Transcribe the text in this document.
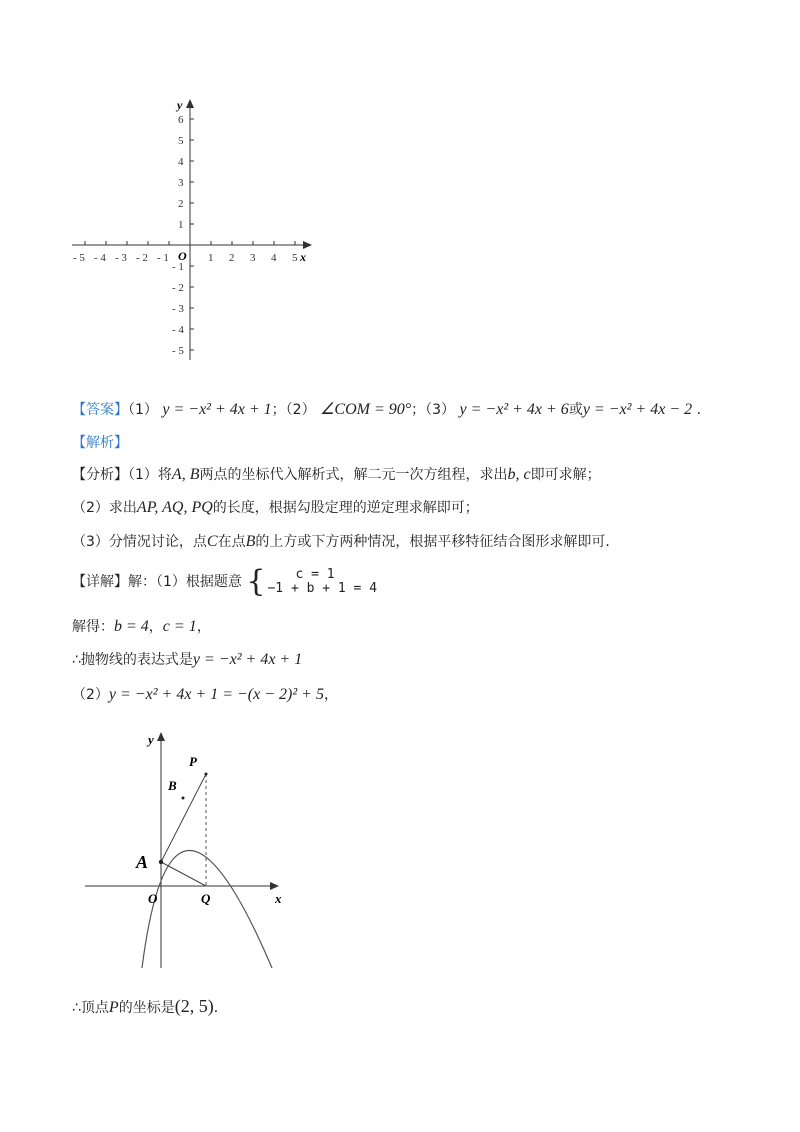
- 5 - 4 - 3 - 2 - 1	1 2 3 4 5
1
2
3
4
5
6
- 1
- 2
- 3
- 4
- 5
x
y
O
【答案】（1） y = −x² + 4x + 1；（2） ∠COM = 90°；（3） y = −x² + 4x + 6或y = −x² + 4x − 2 ．
【解析】
【分析】（1）将A, B两点的坐标代入解析式，解二元一次方组程，求出b, c即可求解；
（2）求出AP, AQ, PQ的长度，根据勾股定理的逆定理求解即可；
（3）分情况讨论，点C在点B的上方或下方两种情况，根据平移特征结合图形求解即可．
【详解】解：（1）根据题意 {	c = 1
−1 + b + 1 = 4
解得：b = 4，c = 1，
∴抛物线的表达式是y = −x² + 4x + 1
（2）y = −x² + 4x + 1 = −(x − 2)² + 5，
y
x
P
B
A
O	Q
∴顶点P的坐标是(2, 5)．
